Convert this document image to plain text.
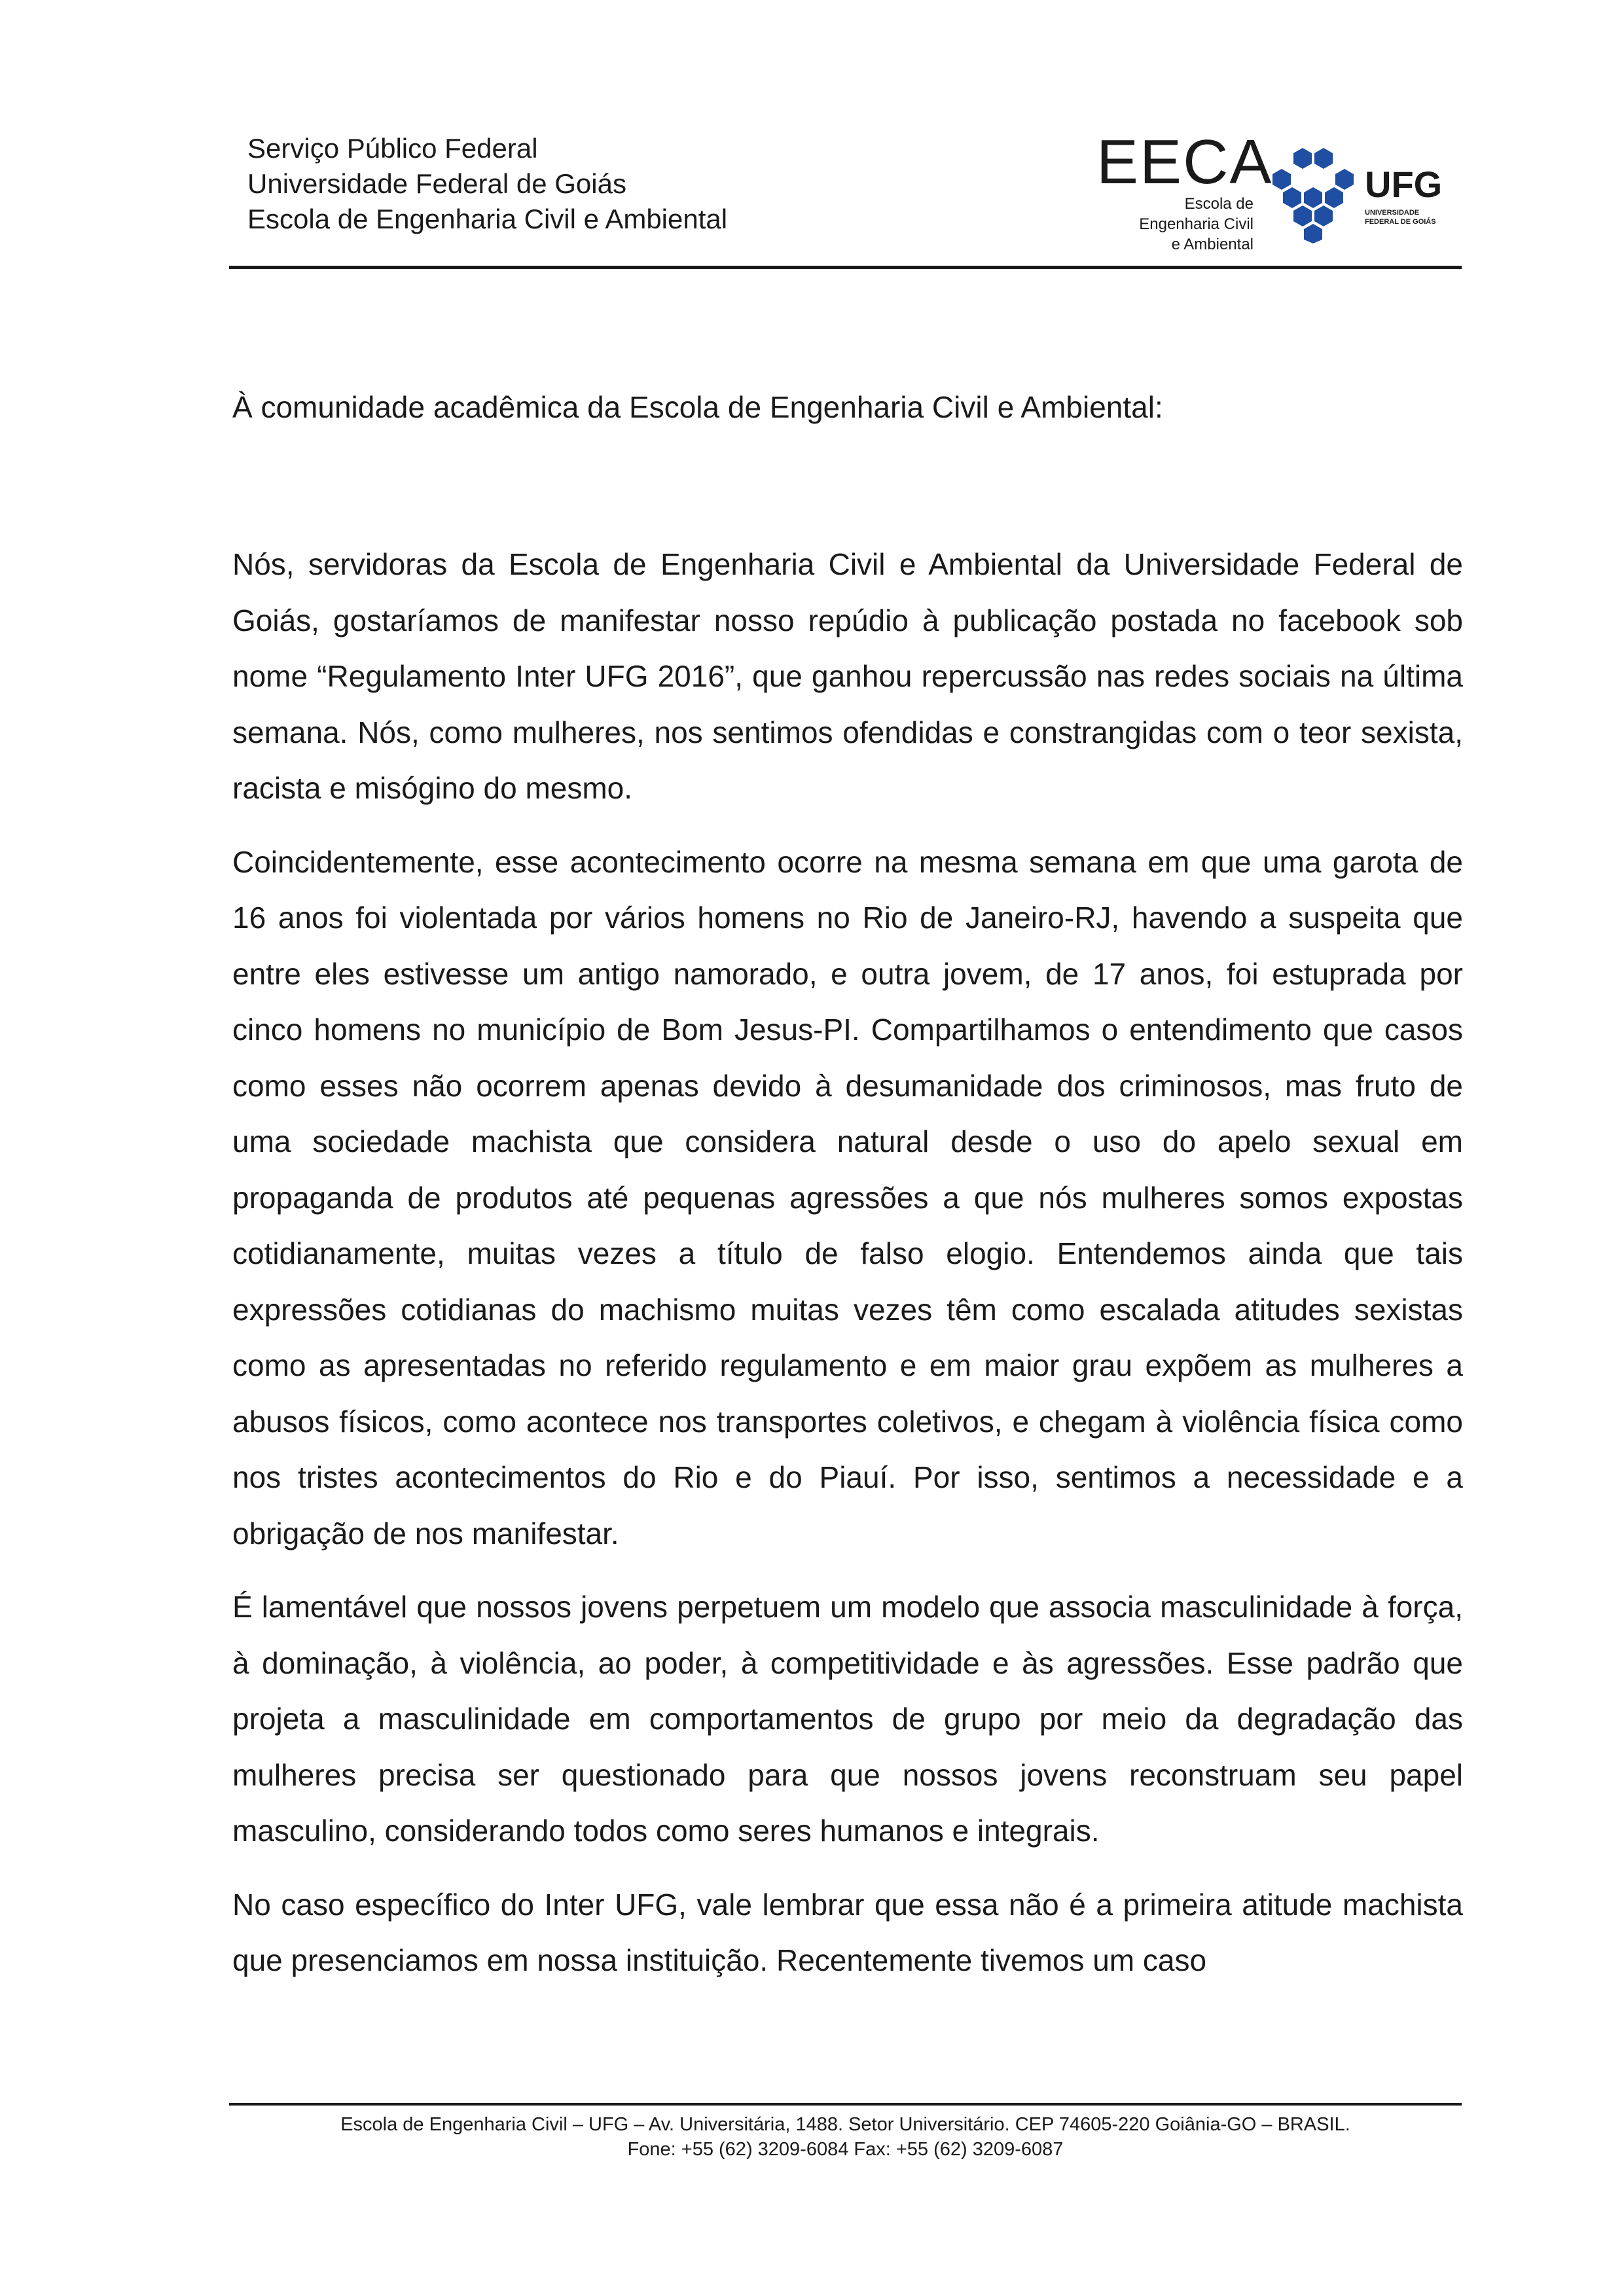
Serviço Público Federal
Universidade Federal de Goiás
Escola de Engenharia Civil e Ambiental
EECA
Escola de
Engenharia Civil
e Ambiental
UFG
UNIVERSIDADE
FEDERAL DE GOIÁS
À comunidade acadêmica da Escola de Engenharia Civil e Ambiental:

Nós, servidoras da Escola de Engenharia Civil e Ambiental da Universidade Federal de Goiás, gostaríamos de manifestar nosso repúdio à publicação postada no facebook sob nome “Regulamento Inter UFG 2016”, que ganhou repercussão nas redes sociais na última semana. Nós, como mulheres, nos sentimos ofendidas e constrangidas com o teor sexista, racista e misógino do mesmo.

Coincidentemente, esse acontecimento ocorre na mesma semana em que uma garota de 16 anos foi violentada por vários homens no Rio de Janeiro-RJ, havendo a suspeita que entre eles estivesse um antigo namorado, e outra jovem, de 17 anos, foi estuprada por cinco homens no município de Bom Jesus-PI. Compartilhamos o entendimento que casos como esses não ocorrem apenas devido à desumanidade dos criminosos, mas fruto de uma sociedade machista que considera natural desde o uso do apelo sexual em propaganda de produtos até pequenas agressões a que nós mulheres somos expostas cotidianamente, muitas vezes a título de falso elogio. Entendemos ainda que tais expressões cotidianas do machismo muitas vezes têm como escalada atitudes sexistas como as apresentadas no referido regulamento e em maior grau expõem as mulheres a abusos físicos, como acontece nos transportes coletivos, e chegam à violência física como nos tristes acontecimentos do Rio e do Piauí. Por isso, sentimos a necessidade e a obrigação de nos manifestar.

É lamentável que nossos jovens perpetuem um modelo que associa masculinidade à força, à dominação, à violência, ao poder, à competitividade e às agressões. Esse padrão que projeta a masculinidade em comportamentos de grupo por meio da degradação das mulheres precisa ser questionado para que nossos jovens reconstruam seu papel masculino, considerando todos como seres humanos e integrais.

No caso específico do Inter UFG, vale lembrar que essa não é a primeira atitude machista que presenciamos em nossa instituição. Recentemente tivemos um caso

Escola de Engenharia Civil – UFG – Av. Universitária, 1488. Setor Universitário. CEP 74605-220 Goiânia-GO – BRASIL.
Fone: +55 (62) 3209-6084 Fax: +55 (62) 3209-6087
